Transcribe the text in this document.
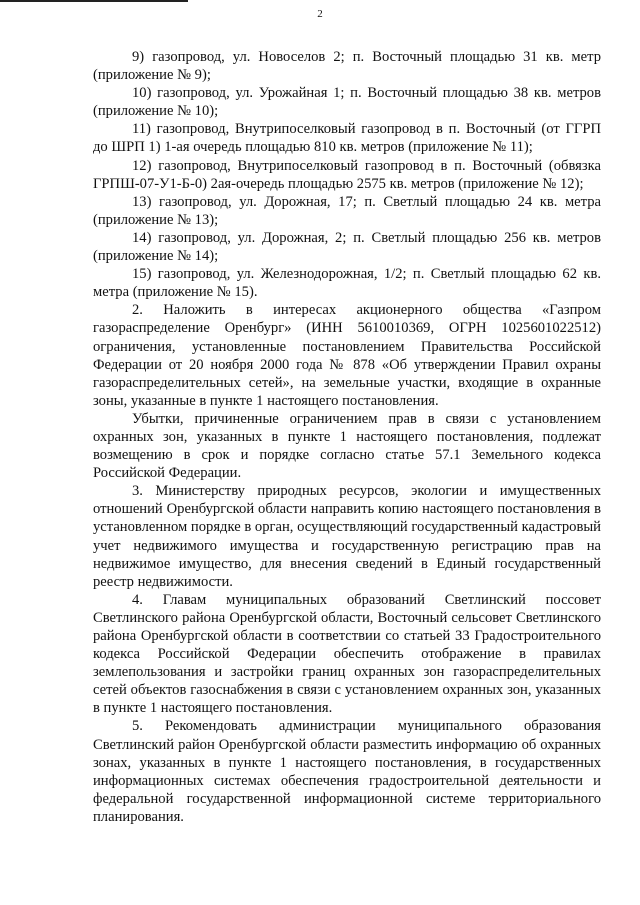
2

9) газопровод, ул. Новоселов 2; п. Восточный площадью 31 кв. метр (приложение № 9);

10) газопровод, ул. Урожайная 1; п. Восточный площадью 38 кв. метров (приложение № 10);

11) газопровод, Внутрипоселковый газопровод в п. Восточный (от ГГРП до ШРП 1) 1-ая очередь площадью 810 кв. метров (приложение № 11);

12) газопровод, Внутрипоселковый газопровод в п. Восточный (обвязка ГРПШ-07-У1-Б-0) 2ая-очередь площадью 2575 кв. метров (приложение № 12);

13) газопровод, ул. Дорожная, 17; п. Светлый площадью 24 кв. метра (приложение № 13);

14) газопровод, ул. Дорожная, 2; п. Светлый площадью 256 кв. метров (приложение № 14);

15) газопровод, ул. Железнодорожная, 1/2; п. Светлый площадью 62 кв. метра (приложение № 15).

2. Наложить в интересах акционерного общества «Газпром газораспределение Оренбург» (ИНН 5610010369, ОГРН 1025601022512) ограничения, установленные постановлением Правительства Российской Федерации от 20 ноября 2000 года № 878 «Об утверждении Правил охраны газораспределительных сетей», на земельные участки, входящие в охранные зоны, указанные в пункте 1 настоящего постановления.

Убытки, причиненные ограничением прав в связи с установлением охранных зон, указанных в пункте 1 настоящего постановления, подлежат возмещению в срок и порядке согласно статье 57.1 Земельного кодекса Российской Федерации.

3. Министерству природных ресурсов, экологии и имущественных отношений Оренбургской области направить копию настоящего постановления в установленном порядке в орган, осуществляющий государственный кадастровый учет недвижимого имущества и государственную регистрацию прав на недвижимое имущество, для внесения сведений в Единый государственный реестр недвижимости.

4. Главам муниципальных образований Светлинский поссовет Светлинского района Оренбургской области, Восточный сельсовет Светлинского района Оренбургской области в соответствии со статьей 33 Градостроительного кодекса Российской Федерации обеспечить отображение в правилах землепользования и застройки границ охранных зон газораспределительных сетей объектов газоснабжения в связи с установлением охранных зон, указанных в пункте 1 настоящего постановления.

5. Рекомендовать администрации муниципального образования Светлинский район Оренбургской области разместить информацию об охранных зонах, указанных в пункте 1 настоящего постановления, в государственных информационных системах обеспечения градостроительной деятельности и федеральной государственной информационной системе территориального планирования.
